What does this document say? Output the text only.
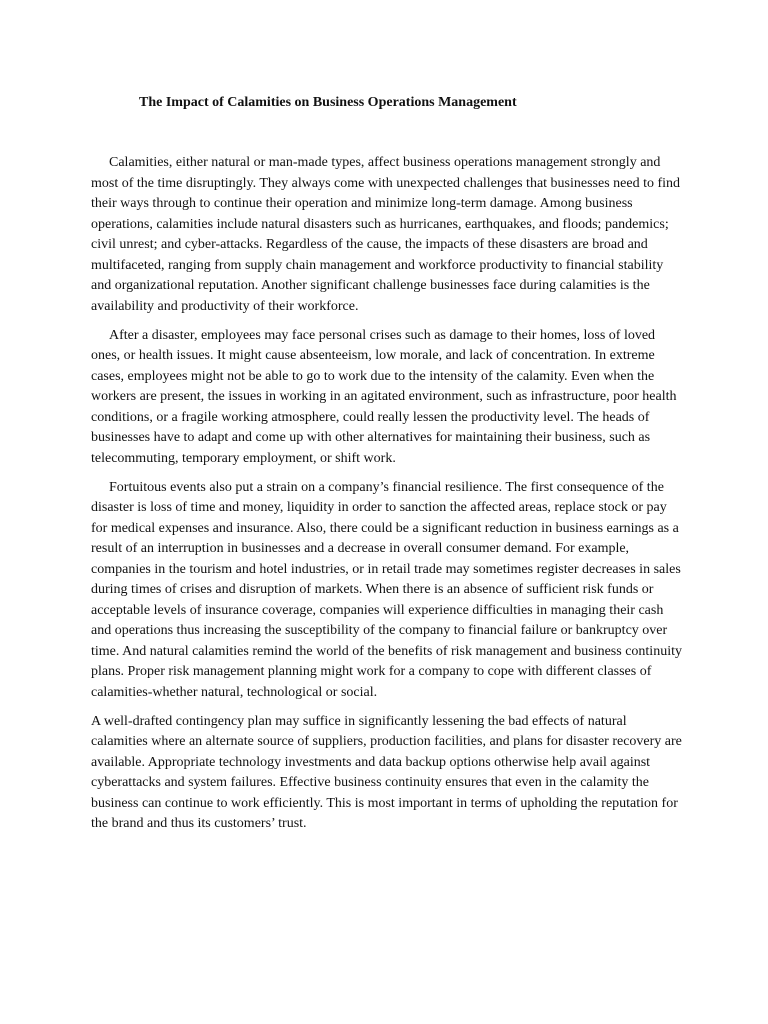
The Impact of Calamities on Business Operations Management

Calamities, either natural or man-made types, affect business operations management strongly and most of the time disruptingly. They always come with unexpected challenges that businesses need to find their ways through to continue their operation and minimize long-term damage. Among business operations, calamities include natural disasters such as hurricanes, earthquakes, and floods; pandemics; civil unrest; and cyber-attacks. Regardless of the cause, the impacts of these disasters are broad and multifaceted, ranging from supply chain management and workforce productivity to financial stability and organizational reputation. Another significant challenge businesses face during calamities is the availability and productivity of their workforce.

After a disaster, employees may face personal crises such as damage to their homes, loss of loved ones, or health issues. It might cause absenteeism, low morale, and lack of concentration. In extreme cases, employees might not be able to go to work due to the intensity of the calamity. Even when the workers are present, the issues in working in an agitated environment, such as infrastructure, poor health conditions, or a fragile working atmosphere, could really lessen the productivity level. The heads of businesses have to adapt and come up with other alternatives for maintaining their business, such as telecommuting, temporary employment, or shift work.

Fortuitous events also put a strain on a company’s financial resilience. The first consequence of the disaster is loss of time and money, liquidity in order to sanction the affected areas, replace stock or pay for medical expenses and insurance. Also, there could be a significant reduction in business earnings as a result of an interruption in businesses and a decrease in overall consumer demand. For example, companies in the tourism and hotel industries, or in retail trade may sometimes register decreases in sales during times of crises and disruption of markets. When there is an absence of sufficient risk funds or acceptable levels of insurance coverage, companies will experience difficulties in managing their cash and operations thus increasing the susceptibility of the company to financial failure or bankruptcy over time. And natural calamities remind the world of the benefits of risk management and business continuity plans. Proper risk management planning might work for a company to cope with different classes of calamities-whether natural, technological or social.

A well-drafted contingency plan may suffice in significantly lessening the bad effects of natural calamities where an alternate source of suppliers, production facilities, and plans for disaster recovery are available. Appropriate technology investments and data backup options otherwise help avail against cyberattacks and system failures. Effective business continuity ensures that even in the calamity the business can continue to work efficiently. This is most important in terms of upholding the reputation for the brand and thus its customers’ trust.
